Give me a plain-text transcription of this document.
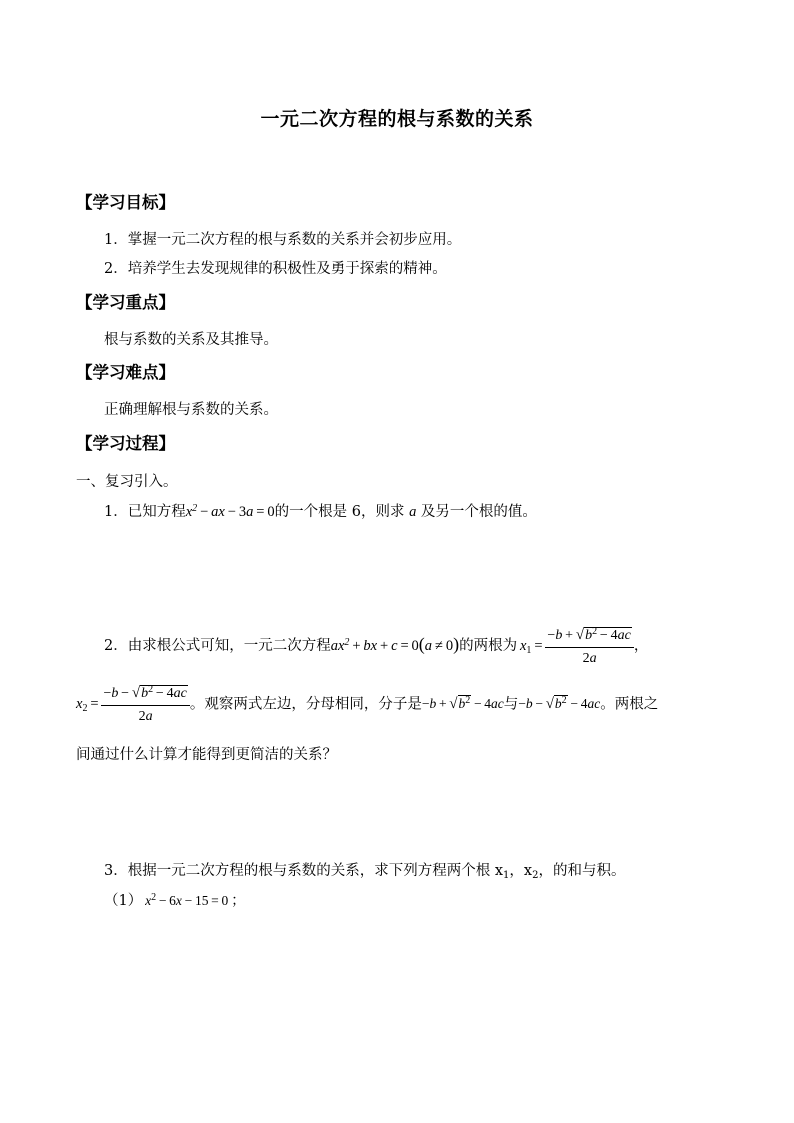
一元二次方程的根与系数的关系
【学习目标】
1．掌握一元二次方程的根与系数的关系并会初步应用。
2．培养学生去发现规律的积极性及勇于探索的精神。
【学习重点】
根与系数的关系及其推导。
【学习难点】
正确理解根与系数的关系。
【学习过程】
一、复习引入。
1．已知方程$x^2$  − ax −  3a =  0的一个根是 6，则求 a 及另一个根的值。
2．由求根公式可知，一元二次方程$ax^2$  + bx + c =  0(a ≠  0)的两根为  $x_1 = \frac{-b + √b^2 - 4ac}{2a}$ ，
$x_2 = \frac{-b - √b^2 - 4ac}{2a}$ 。观察两式左边，分母相同，分子是$-b + √b^2 - 4ac$与$-b - √b^2 - 4ac$。两根之
间通过什么计算才能得到更简洁的关系？
3．根据一元二次方程的根与系数的关系，求下列方程两个根 $x_1$，$x_2$，的和与积。
（1）  $x^2 - 6x - 15 = 0$  ；
